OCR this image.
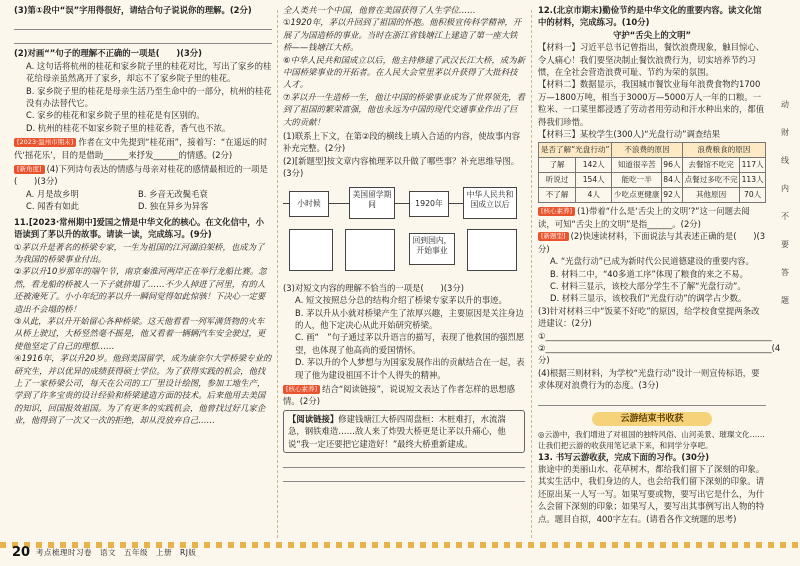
(3)第①段中“误”字用得很好，请结合句子说说你的理解。(2分)

(2)对画“”句子的理解不正确的一项是(　　)(3分)

A. 这句话将杭州的桂花和家乡院子里的桂花对比，写出了家乡的桂花给母亲虽然离开了家乡，却忘不了家乡院子里的桂花。

B. 家乡院子里的桂花是母亲生活乃至生命中的一部分，杭州的桂花没有办法替代它。

C. 家乡的桂花和家乡院子里的桂花是有区别的。

D. 杭州的桂花不如家乡院子里的桂花香，香气也不浓。

[2023·温州市期末] 作者在文中先提到“桂花雨”，接着写：“在遥远的时代‘摇花乐’，目的是借助______来抒发______的情感。(2分)

[新角度] (4)下列诗句表达的情感与母亲对桂花的感情最相近的一项是(　　)(3分)

A. 月是故乡明	B. 乡音无改鬓毛衰

C. 闻香有如此	D. 独在异乡为异客

11.[2023·常州期中]爱国之情是中华文化的核心。在文化信中，小语读到了茅以升的故事。请读一读，完成练习。(9分)

①茅以升是著名的桥梁专家，一生为祖国的江河湖泊架桥，也成为了为我国的桥梁事业付出。

②茅以升10岁那年的端午节，南京秦淮河两岸正在举行龙船比赛。忽然，看龙船的桥被人一下子就挤塌了……不少人掉进了河里，有的人还被淹死了。小小年纪的茅以升一瞬间觉得如此惊骇！下决心一定要造出不会塌的桥！

③从此，茅以升开始留心各种桥梁。这天他看看一列军满货物的火车从桥上驶过，大桥竖然毫不摇晃，他又看着一辆辆汽车安全驶过，更使他坚定了自己的理想……

④1916年，茅以升20岁。他到美国留学，成为康奈尔大学桥梁专业的研究生，并以优异的成绩获得硕士学位。为了获得实践的机会，他找上了一家桥梁公司，每天在公司的工厂里设计绘图，参加工地生产，学到了许多宝贵的设计经验和桥梁建造方面的技术。后来他用去美国的知识，回国报效祖国。为了有更多的实践机会，他曾找过好几家企业，他得到了一次又一次的拒绝，却从没放弃自己……

全人类共一个中国，他曾在美国获得了人生学位……

①1920年，茅以升回到了祖国的怀抱。他积极宣传科学精神，开展了为国造桥的事业。当时在浙江省钱塘江上建造了第一座大铁桥——钱塘江大桥。

⑥中华人民共和国成立以后，他主持修建了武汉长江大桥，成为新中国桥梁事业的开拓者。在人民大会堂里茅以升获得了大批科技人才。

⑦茅以升一生造桥一生，他让中国的桥梁事业成为了世界领先，看到了祖国的繁荣富强，他也永远为中国的现代交通事业作出了巨大的贡献！

(1)联系上下文，在第②段的横线上填入合适的内容，使故事内容补充完整。(2分)

(2)[新题型]按文章内容梳理茅以升做了哪些事？补充思维导图。(3分)

小时候
美国留学期间	1920年
中华人民共和国成立以后
回到国内，开始事业

(3)对短文内容的理解不恰当的一项是(　　)(3分)

A. 短文按照总分总的结构介绍了桥梁专家茅以升的事迹。

B. 茅以升从小就对桥梁产生了浓厚兴趣，主要原因是关注身边的人，他下定决心从此开始研究桥梁。

C. 画“　”句子通过茅以升语言的描写，表现了他救国的强烈愿望，也体现了他高尚的爱国情怀。

D. 茅以升的个人梦想与为国家发展作出的贡献结合在一起，表现了他为建设祖国不计个人得失的精神。

[核心素养] 结合“阅读链接”，说说短文表达了作者怎样的思想感情。(2分)

【阅读链接】修建钱塘江大桥四周盘桓：木桩难打，水流湍急，钢铁难造……敌人来了炸毁大桥更是让茅以升痛心，他说“我一定还要把它建造好！”最终大桥重新建成。

12.(北京市期末)勤俭节约是中华文化的重要内容。读文化馆中的材料，完成练习。(10分)

守护“舌尖上的文明”

【材料一】习近平总书记曾指出，餐饮浪费现象，触目惊心、令人痛心！我们要坚决制止餐饮浪费行为，切实培养节约习惯，在全社会营造浪费可耻、节约为荣的氛围。

【材料二】数据显示，我国城市餐饮业每年浪费食物约1700万—1800万吨，相当于3000万—5000万人一年的口粮。一粒米、一口菜里都浸透了劳动者用劳动和汗水种出来的，都值得我们珍惜。

【材料三】某校学生(300人)“光盘行动”调查结果

是否了解“光盘行动”		不浪费的原因		浪费粮食的原因	
了解	142人	知道很辛苦	96人	去餐馆不吃完	117人
听说过	154人	能吃一半	84人	点餐过多吃不完	113人
不了解	4人	少吃点更健康	92人	其他原因	70人

[核心素养] (1)带着“什么是‘舌尖上的文明’?”这一问题去阅读，可知“舌尖上的文明”是指______。(2分)

[新题型] (2)快速读材料，下面说法与其表述正确的是(　　)(3分)

A. “光盘行动”已成为新时代公民道德建设的重要内容。

B. 材料二中，“40多道工序”体现了粮食的来之不易。

C. 材料三显示，该校大部分学生不了解“光盘行动”。

D. 材料三显示，该校我们“光盘行动”的调学占少数。

(3)针对材料三中“饭菜不好吃”的原因，给学校食堂提两条改进建议：(2分)

①______________________________________________________

②______________________________________________________(4分)

(4)根据三则材料，为学校“光盘行动”设计一则宣传标语，要求体现对浪费行为的态度。(3分)

云游结束书收获

◎云游中，我们增进了对祖国的独特风俗、山河美景、璀璨文化……让我们把云游的收获用笔记录下来，和同学分享吧。

13. 书写云游收获，完成下面的习作。(30分)

旅途中的美丽山水、花草树木，都给我们留下了深刻的印象。其实生活中，我们身边的人，也会给我们留下深刻的印象。请还原出某一人写一写。如果写要或物，要写出它是什么，为什么会留下深刻的印象；如果写人，要写出其事例写出人物的特点。题目自拟，400字左右。(请看各作文统题的思考)

动
财
线
内
不
要
答
题
20 考点梳理时习卷　语文　五年级　上册　RJ版
